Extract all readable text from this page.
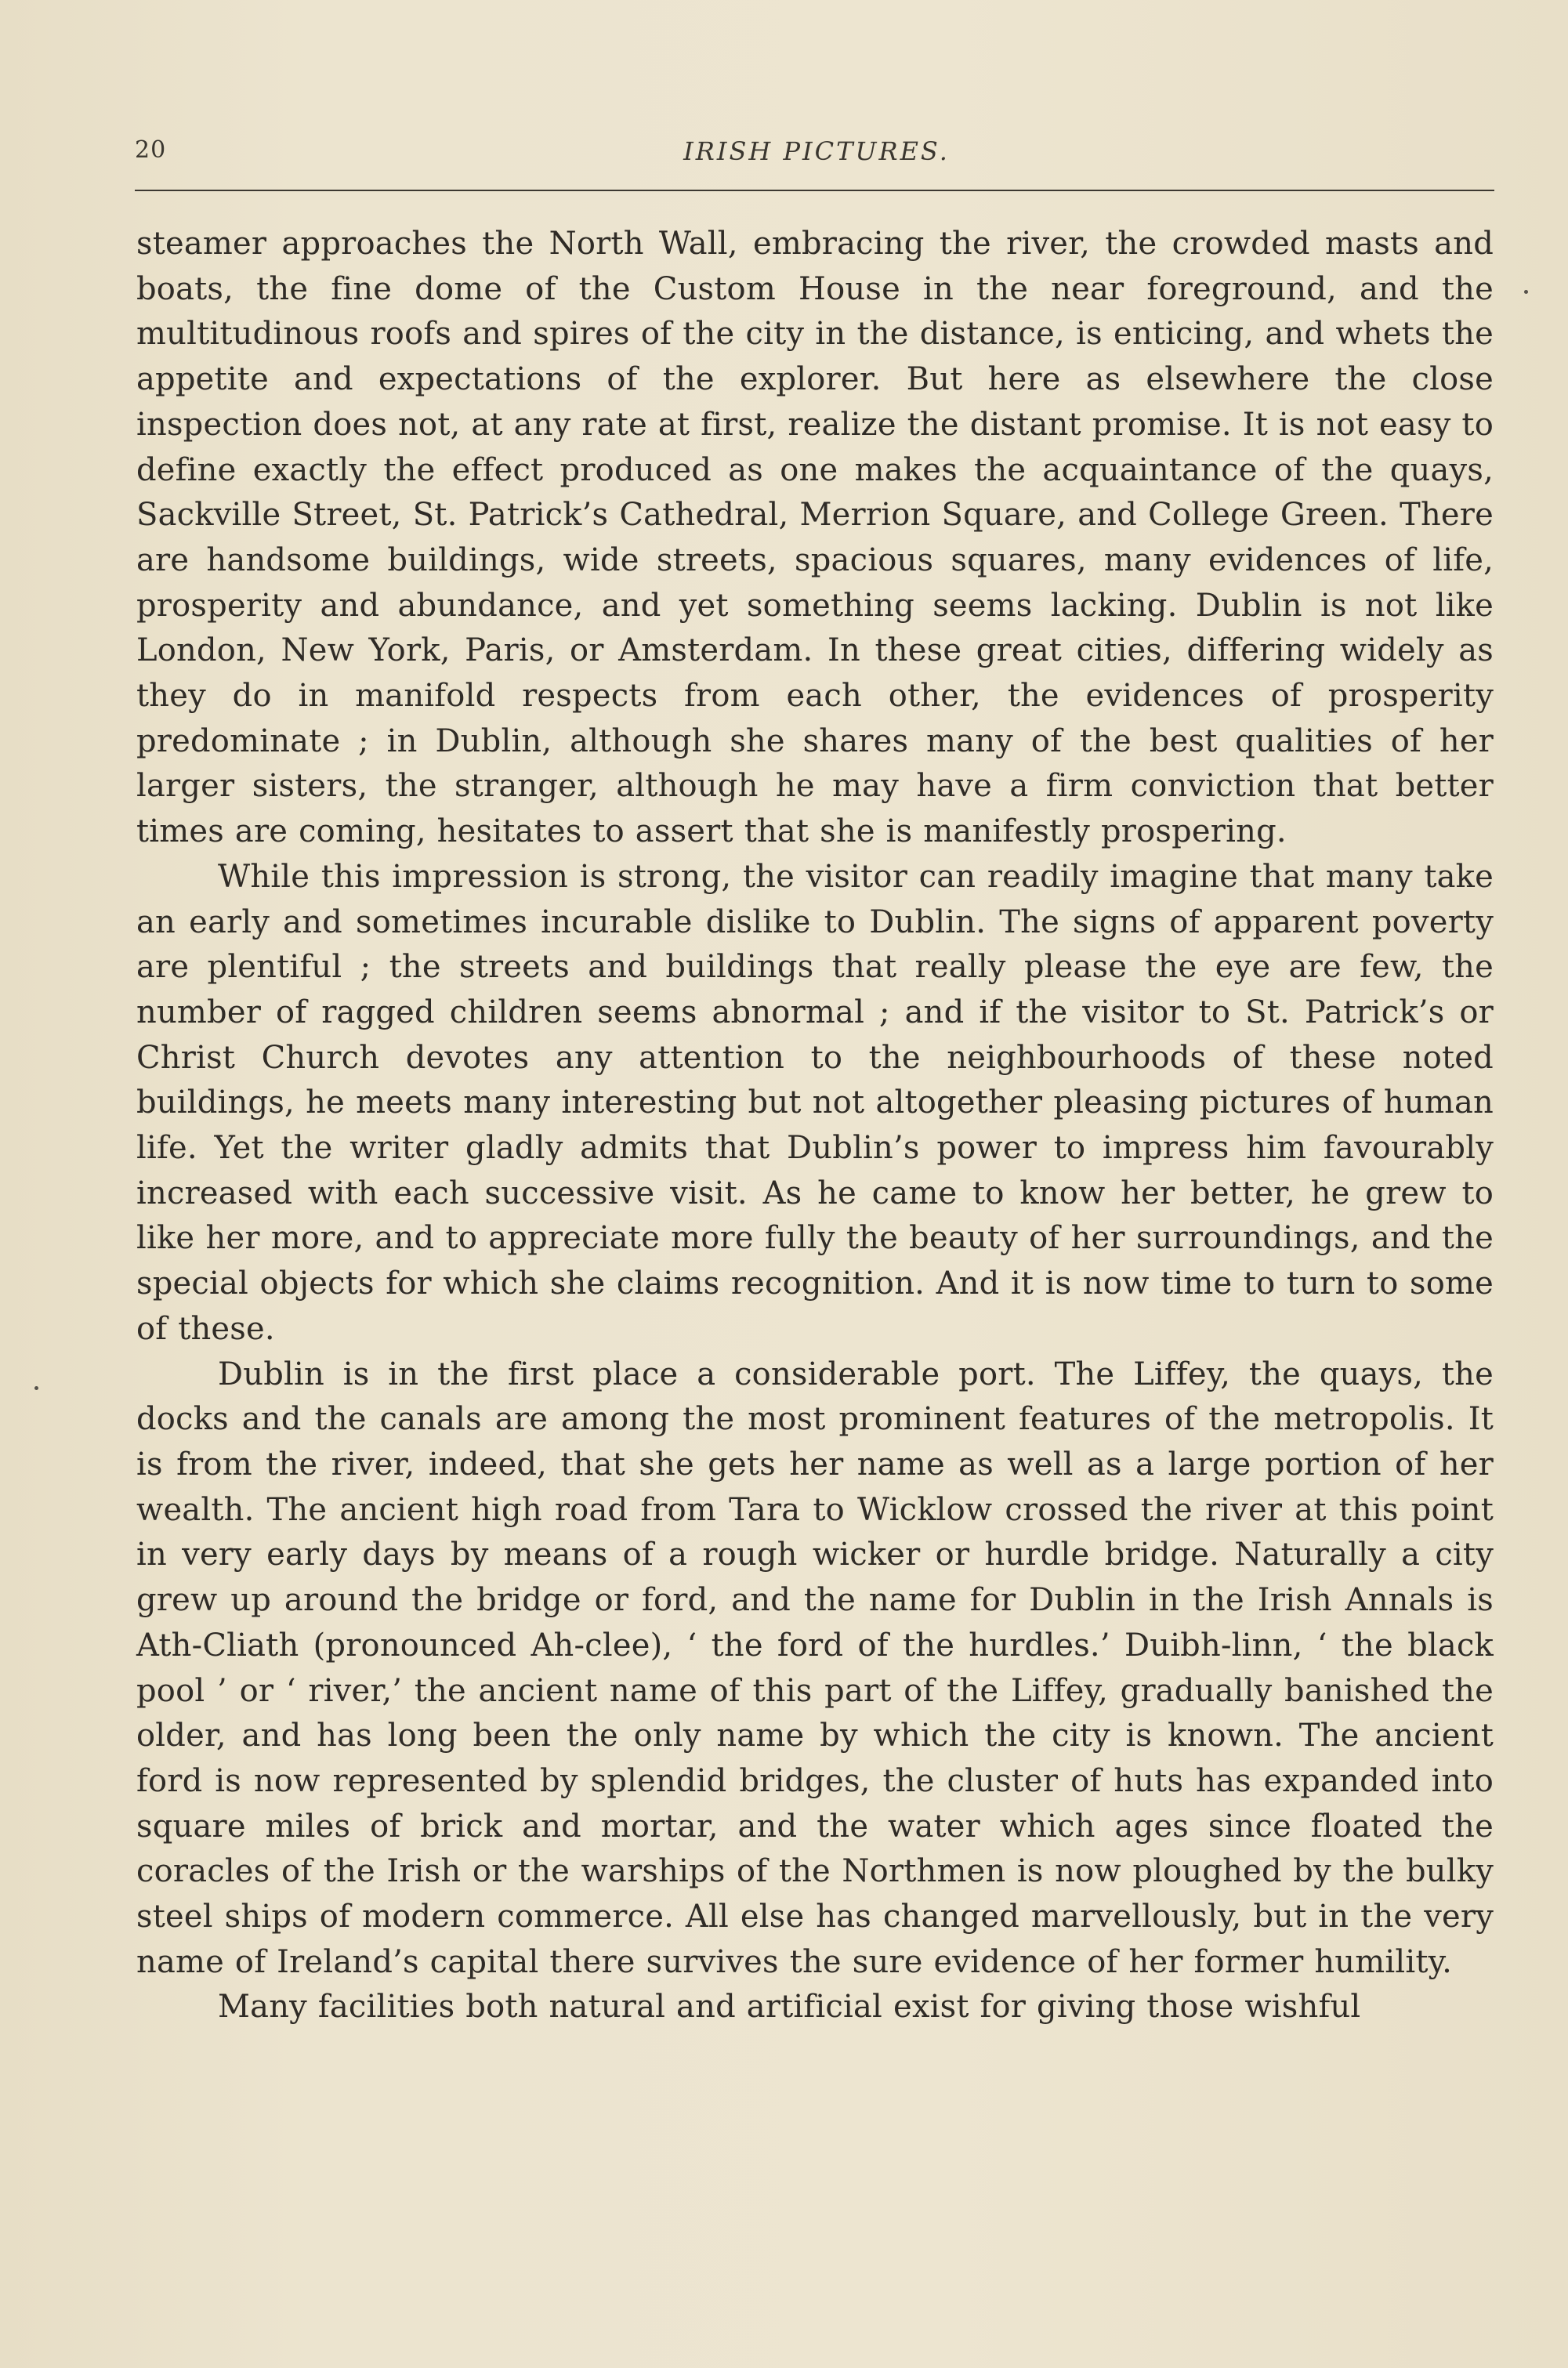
20	IRISH PICTURES.

steamer approaches the North Wall, embracing the river, the crowded masts and boats, the fine dome of the Custom House in the near foreground, and the multitudinous roofs and spires of the city in the distance, is enticing, and whets the appetite and expectations of the explorer. But here as elsewhere the close inspection does not, at any rate at first, realize the distant promise. It is not easy to define exactly the effect produced as one makes the acquaintance of the quays, Sackville Street, St. Patrick’s Cathedral, Merrion Square, and College Green. There are handsome buildings, wide streets, spacious squares, many evidences of life, prosperity and abundance, and yet something seems lacking. Dublin is not like London, New York, Paris, or Amsterdam. In these great cities, differing widely as they do in manifold respects from each other, the evidences of prosperity predominate ; in Dublin, although she shares many of the best qualities of her larger sisters, the stranger, although he may have a firm conviction that better times are coming, hesitates to assert that she is manifestly prospering.

While this impression is strong, the visitor can readily imagine that many take an early and sometimes incurable dislike to Dublin. The signs of apparent poverty are plentiful ; the streets and buildings that really please the eye are few, the number of ragged children seems abnormal ; and if the visitor to St. Patrick’s or Christ Church devotes any attention to the neighbourhoods of these noted buildings, he meets many interesting but not altogether pleasing pictures of human life. Yet the writer gladly admits that Dublin’s power to impress him favourably increased with each successive visit. As he came to know her better, he grew to like her more, and to appreciate more fully the beauty of her surroundings, and the special objects for which she claims recognition. And it is now time to turn to some of these.

Dublin is in the first place a considerable port. The Liffey, the quays, the docks and the canals are among the most prominent features of the metropolis. It is from the river, indeed, that she gets her name as well as a large portion of her wealth. The ancient high road from Tara to Wicklow crossed the river at this point in very early days by means of a rough wicker or hurdle bridge. Naturally a city grew up around the bridge or ford, and the name for Dublin in the Irish Annals is Ath-Cliath (pronounced Ah-clee), ‘ the ford of the hurdles.’ Duibh-linn, ‘ the black pool ’ or ‘ river,’ the ancient name of this part of the Liffey, gradually banished the older, and has long been the only name by which the city is known. The ancient ford is now represented by splendid bridges, the cluster of huts has expanded into square miles of brick and mortar, and the water which ages since floated the coracles of the Irish or the warships of the Northmen is now ploughed by the bulky steel ships of modern commerce. All else has changed marvellously, but in the very name of Ireland’s capital there survives the sure evidence of her former humility.

Many facilities both natural and artificial exist for giving those wishful
